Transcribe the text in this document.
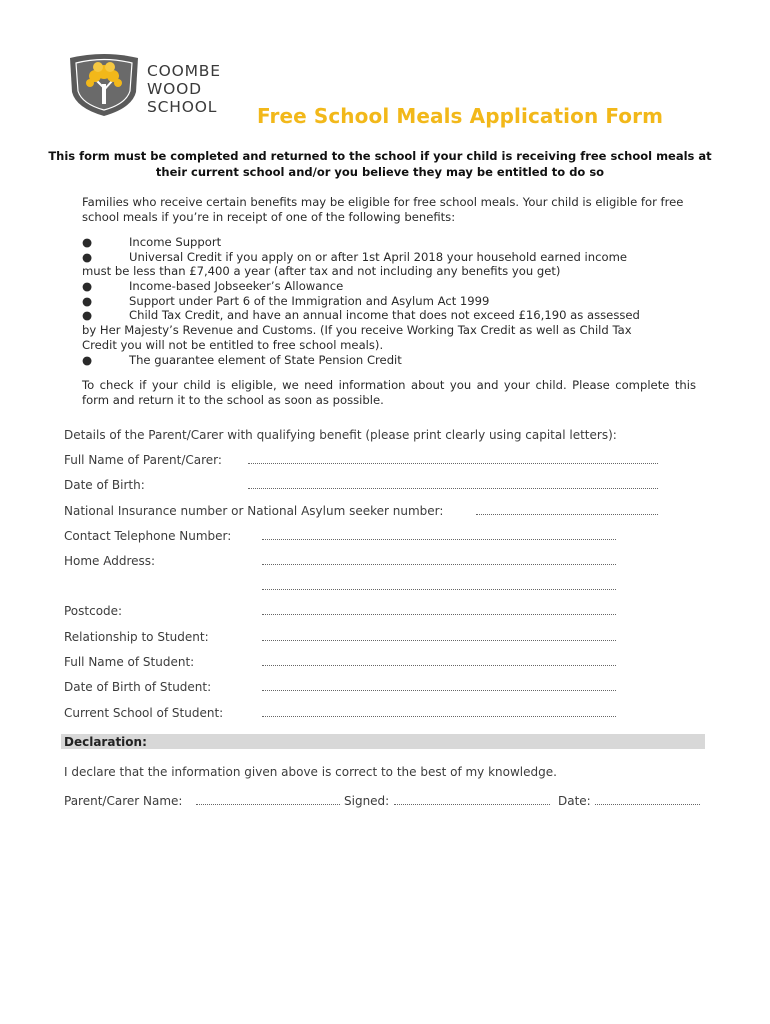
COOMBE
WOOD
SCHOOL Free School Meals Application Form
This form must be completed and returned to the school if your child is receiving free school meals at their current school and/or you believe they may be entitled to do so
Families who receive certain benefits may be eligible for free school meals. Your child is eligible for free school meals if you’re in receipt of one of the following benefits:
●	Income Support
●	Universal Credit if you apply on or after 1st April 2018 your household earned income
must be less than £7,400 a year (after tax and not including any benefits you get)
●	Income-based Jobseeker’s Allowance
●	Support under Part 6 of the Immigration and Asylum Act 1999
●	Child Tax Credit, and have an annual income that does not exceed £16,190 as assessed
by Her Majesty’s Revenue and Customs. (If you receive Working Tax Credit as well as Child Tax
Credit you will not be entitled to free school meals).
●	The guarantee element of State Pension Credit
To check if your child is eligible, we need information about you and your child. Please complete this form and return it to the school as soon as possible.
Details of the Parent/Carer with qualifying benefit (please print clearly using capital letters):
Full Name of Parent/Carer:
Date of Birth:
National Insurance number or National Asylum seeker number:
Contact Telephone Number:
Home Address:
Postcode:
Relationship to Student:
Full Name of Student:
Date of Birth of Student:
Current School of Student:
Declaration:
I declare that the information given above is correct to the best of my knowledge.
Parent/Carer Name:	Signed:	Date:
